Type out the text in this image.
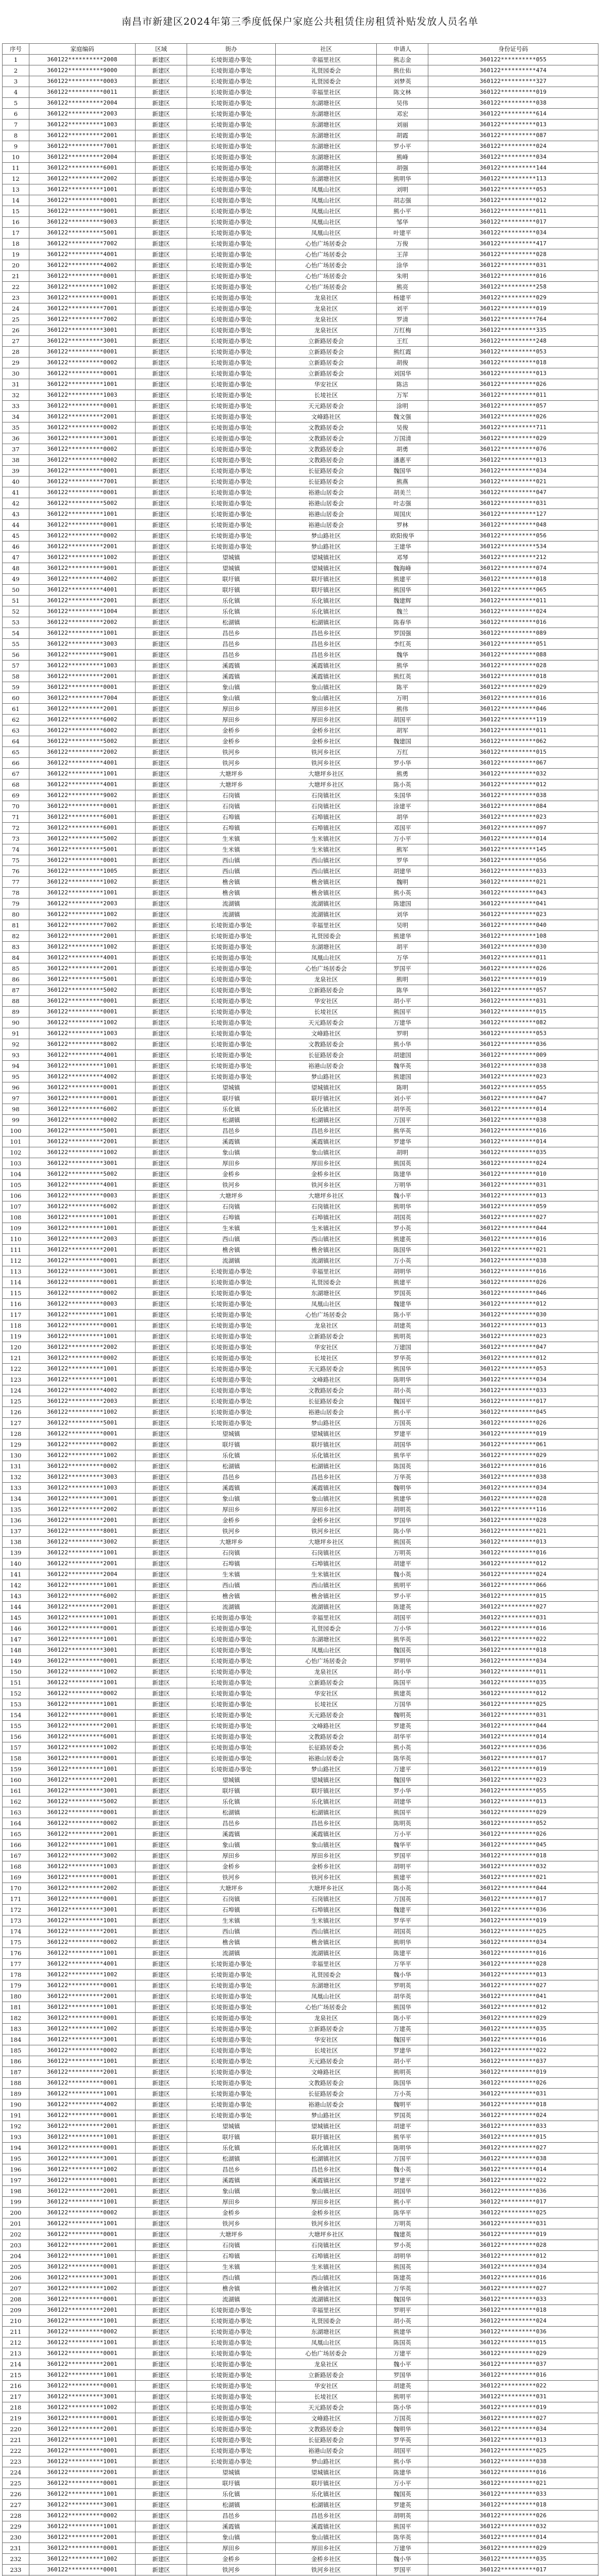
南昌市新建区2024年第三季度低保户家庭公共租赁住房租赁补贴发放人员名单
序号	家庭编码	区域	街办	社区	申请人	身份证号码
1	360122**********2008	新建区	长堎街道办事处	幸福里社区	熊志金	360122**********055
2	360122**********9000	新建区	长堎街道办事处	礼贤园委会	熊仕佑	360122**********474
3	360122**********0003	新建区	长堎街道办事处	礼贤园委会	刘梦英	360122**********327
4	360122**********0011	新建区	长堎街道办事处	幸福里社区	陈文林	360122**********019
5	360122**********2004	新建区	长堎街道办事处	东湖塘社区	吴伟	360122**********038
6	360122**********2003	新建区	长堎街道办事处	东湖塘社区	邓宏	360122**********614
7	360122**********1003	新建区	长堎街道办事处	东湖塘社区	刘丽	360122**********013
8	360122**********2001	新建区	长堎街道办事处	东湖塘社区	胡霞	360122**********087
9	360122**********7001	新建区	长堎街道办事处	东湖塘社区	罗小平	360122**********024
10	360122**********2004	新建区	长堎街道办事处	东湖塘社区	熊峰	360122**********034
11	360122**********6001	新建区	长堎街道办事处	东湖塘社区	胡强	360122**********144
12	360122**********2002	新建区	长堎街道办事处	东湖塘社区	熊明华	360122**********113
13	360122**********1001	新建区	长堎街道办事处	凤凰山社区	刘明	360122**********053
14	360122**********0001	新建区	长堎街道办事处	凤凰山社区	胡志强	360122**********012
15	360122**********9001	新建区	长堎街道办事处	凤凰山社区	熊小平	360122**********011
16	360122**********9003	新建区	长堎街道办事处	凤凰山社区	邹华	360122**********017
17	360122**********5001	新建区	长堎街道办事处	凤凰山社区	叶建平	360122**********034
18	360122**********7002	新建区	长堎街道办事处	心怡广场居委会	万俊	360122**********417
19	360122**********4001	新建区	长堎街道办事处	心怡广场居委会	王萍	360122**********028
20	360122**********4002	新建区	长堎街道办事处	心怡广场居委会	涂华	360122**********031
21	360122**********0001	新建区	长堎街道办事处	心怡广场居委会	朱明	360122**********016
22	360122**********1002	新建区	长堎街道办事处	心怡广场居委会	熊亮	360122**********258
23	360122**********0001	新建区	长堎街道办事处	龙泉社区	杨建平	360122**********029
24	360122**********7001	新建区	长堎街道办事处	龙泉社区	刘平	360122**********019
25	360122**********7002	新建区	长堎街道办事处	龙泉社区	罗清	360122**********764
26	360122**********3001	新建区	长堎街道办事处	龙泉社区	万红梅	360122**********335
27	360122**********3001	新建区	长堎街道办事处	立新路居委会	王红	360122**********248
28	360122**********0001	新建区	长堎街道办事处	立新路居委会	熊红霞	360122**********053
29	360122**********0002	新建区	长堎街道办事处	立新路居委会	胡俊	360122**********018
30	360122**********0001	新建区	长堎街道办事处	立新路居委会	刘国华	360122**********013
31	360122**********1001	新建区	长堎街道办事处	华安社区	陈洁	360122**********026
32	360122**********1003	新建区	长堎街道办事处	长堎社区	万军	360122**********011
33	360122**********0001	新建区	长堎街道办事处	天元路居委会	涂明	360122**********057
34	360122**********2001	新建区	长堎街道办事处	文峰路社区	魏文强	360122**********026
35	360122**********0002	新建区	长堎街道办事处	文教路居委会	吴俊	360122**********711
36	360122**********3001	新建区	长堎街道办事处	文教路居委会	万国清	360122**********029
37	360122**********0002	新建区	长堎街道办事处	文教路居委会	胡勇	360122**********076
38	360122**********0002	新建区	长堎街道办事处	文教路居委会	潘惠平	360122**********013
39	360122**********0001	新建区	长堎街道办事处	长征路居委会	魏国华	360122**********034
40	360122**********7001	新建区	长堎街道办事处	长征路居委会	熊燕	360122**********021
41	360122**********0001	新建区	长堎街道办事处	裕港山居委会	胡美兰	360122**********047
42	360122**********5002	新建区	长堎街道办事处	裕港山居委会	叶志强	360122**********031
43	360122**********1001	新建区	长堎街道办事处	裕港山居委会	周国庆	360122**********127
44	360122**********0001	新建区	长堎街道办事处	裕港山居委会	罗林	360122**********048
45	360122**********0002	新建区	长堎街道办事处	梦山路社区	欧阳俊华	360122**********056
46	360122**********2001	新建区	长堎街道办事处	梦山路社区	王建华	360122**********534
47	360122**********1002	新建区	望城镇	望城镇社区	邓琴	360122**********212
48	360122**********9001	新建区	望城镇	望城镇社区	魏海峰	360122**********074
49	360122**********4002	新建区	联圩镇	联圩镇社区	熊建平	360122**********018
50	360122**********4001	新建区	联圩镇	联圩镇社区	熊国华	360122**********065
51	360122**********2001	新建区	乐化镇	乐化镇社区	魏建辉	360122**********011
52	360122**********1004	新建区	乐化镇	乐化镇社区	魏兰	360122**********024
53	360122**********2002	新建区	松湖镇	松湖镇社区	陈春华	360122**********016
54	360122**********1001	新建区	昌邑乡	昌邑乡社区	罗国强	360122**********089
55	360122**********3003	新建区	昌邑乡	昌邑乡社区	李红英	360122**********051
56	360122**********9001	新建区	昌邑乡	昌邑乡社区	魏华	360122**********088
57	360122**********1003	新建区	溪霞镇	溪霞镇社区	熊华	360122**********028
58	360122**********2001	新建区	溪霞镇	溪霞镇社区	熊红英	360122**********018
59	360122**********0001	新建区	象山镇	象山镇社区	陈平	360122**********029
60	360122**********7004	新建区	象山镇	象山镇社区	万明	360122**********016
61	360122**********2001	新建区	厚田乡	厚田乡社区	熊伟	360122**********046
62	360122**********6002	新建区	厚田乡	厚田乡社区	胡国平	360122**********119
63	360122**********6002	新建区	金桥乡	金桥乡社区	胡军	360122**********011
64	360122**********5002	新建区	金桥乡	金桥乡社区	魏建国	360122**********062
65	360122**********2002	新建区	铁河乡	铁河乡社区	万红	360122**********015
66	360122**********4001	新建区	铁河乡	铁河乡社区	罗小华	360122**********067
67	360122**********1001	新建区	大塘坪乡	大塘坪乡社区	熊勇	360122**********032
68	360122**********4001	新建区	大塘坪乡	大塘坪乡社区	陈小英	360122**********012
69	360122**********9002	新建区	石岗镇	石岗镇社区	朱国华	360122**********038
70	360122**********0001	新建区	石岗镇	石岗镇社区	涂建平	360122**********084
71	360122**********6001	新建区	石埠镇	石埠镇社区	胡华	360122**********023
72	360122**********6001	新建区	石埠镇	石埠镇社区	邓国平	360122**********097
73	360122**********5002	新建区	生米镇	生米镇社区	万小平	360122**********014
74	360122**********5001	新建区	生米镇	生米镇社区	熊军	360122**********145
75	360122**********0001	新建区	西山镇	西山镇社区	罗华	360122**********056
76	360122**********1005	新建区	西山镇	西山镇社区	胡建华	360122**********033
77	360122**********1002	新建区	樵舍镇	樵舍镇社区	魏明	360122**********021
78	360122**********1001	新建区	樵舍镇	樵舍镇社区	熊小英	360122**********043
79	360122**********2003	新建区	流湖镇	流湖镇社区	陈建国	360122**********041
80	360122**********1002	新建区	流湖镇	流湖镇社区	刘华	360122**********023
81	360122**********7002	新建区	长堎街道办事处	幸福里社区	吴明	360122**********040
82	360122**********2001	新建区	长堎街道办事处	礼贤园委会	熊建华	360122**********108
83	360122**********1002	新建区	长堎街道办事处	东湖塘社区	胡平	360122**********030
84	360122**********4001	新建区	长堎街道办事处	凤凰山社区	万华	360122**********011
85	360122**********2001	新建区	长堎街道办事处	心怡广场居委会	罗国平	360122**********026
86	360122**********5001	新建区	长堎街道办事处	龙泉社区	熊明	360122**********019
87	360122**********5002	新建区	长堎街道办事处	立新路居委会	陈华	360122**********057
88	360122**********0001	新建区	长堎街道办事处	华安社区	胡小平	360122**********031
89	360122**********0001	新建区	长堎街道办事处	长堎社区	熊国平	360122**********015
90	360122**********1002	新建区	长堎街道办事处	天元路居委会	万建华	360122**********082
91	360122**********1003	新建区	长堎街道办事处	文峰路社区	罗明	360122**********053
92	360122**********8002	新建区	长堎街道办事处	文教路居委会	熊小华	360122**********036
93	360122**********4001	新建区	长堎街道办事处	长征路居委会	胡建国	360122**********009
94	360122**********1001	新建区	长堎街道办事处	裕港山居委会	魏华英	360122**********038
95	360122**********4002	新建区	长堎街道办事处	梦山路社区	熊建国	360122**********023
96	360122**********0001	新建区	望城镇	望城镇社区	陈明	360122**********055
97	360122**********0001	新建区	联圩镇	联圩镇社区	刘小平	360122**********047
98	360122**********6002	新建区	乐化镇	乐化镇社区	胡华英	360122**********014
99	360122**********0002	新建区	松湖镇	松湖镇社区	万国平	360122**********038
100	360122**********5001	新建区	昌邑乡	昌邑乡社区	熊华英	360122**********016
101	360122**********2001	新建区	溪霞镇	溪霞镇社区	罗建华	360122**********014
102	360122**********1002	新建区	象山镇	象山镇社区	胡明	360122**********035
103	360122**********3001	新建区	厚田乡	厚田乡社区	熊国英	360122**********024
104	360122**********5002	新建区	金桥乡	金桥乡社区	陈建华	360122**********010
105	360122**********4001	新建区	铁河乡	铁河乡社区	万明华	360122**********031
106	360122**********0003	新建区	大塘坪乡	大塘坪乡社区	魏小平	360122**********013
107	360122**********6002	新建区	石岗镇	石岗镇社区	熊明华	360122**********059
108	360122**********1001	新建区	石埠镇	石埠镇社区	胡国英	360122**********027
109	360122**********1001	新建区	生米镇	生米镇社区	罗小英	360122**********044
110	360122**********2003	新建区	西山镇	西山镇社区	熊建英	360122**********016
111	360122**********2001	新建区	樵舍镇	樵舍镇社区	陈国华	360122**********021
112	360122**********0001	新建区	流湖镇	流湖镇社区	万小英	360122**********038
113	360122**********3001	新建区	长堎街道办事处	幸福里社区	胡明华	360122**********016
114	360122**********0001	新建区	长堎街道办事处	礼贤园委会	熊建平	360122**********026
115	360122**********0002	新建区	长堎街道办事处	东湖塘社区	罗国英	360122**********046
116	360122**********0003	新建区	长堎街道办事处	凤凰山社区	魏建华	360122**********012
117	360122**********1001	新建区	长堎街道办事处	心怡广场居委会	陈小平	360122**********030
118	360122**********0001	新建区	长堎街道办事处	龙泉社区	胡建英	360122**********013
119	360122**********1001	新建区	长堎街道办事处	立新路居委会	熊明英	360122**********023
120	360122**********2002	新建区	长堎街道办事处	华安社区	万建国	360122**********047
121	360122**********0002	新建区	长堎街道办事处	长堎社区	罗华英	360122**********012
122	360122**********1001	新建区	长堎街道办事处	天元路居委会	熊国华	360122**********053
123	360122**********1001	新建区	长堎街道办事处	文峰路社区	陈明华	360122**********034
124	360122**********4002	新建区	长堎街道办事处	文教路居委会	胡小英	360122**********033
125	360122**********2003	新建区	长堎街道办事处	长征路居委会	魏国平	360122**********017
126	360122**********1002	新建区	长堎街道办事处	裕港山居委会	熊小平	360122**********045
127	360122**********5001	新建区	长堎街道办事处	梦山路社区	万国英	360122**********026
128	360122**********0001	新建区	望城镇	望城镇社区	罗建平	360122**********019
129	360122**********0002	新建区	联圩镇	联圩镇社区	胡国华	360122**********061
130	360122**********1002	新建区	乐化镇	乐化镇社区	熊华平	360122**********029
131	360122**********0002	新建区	松湖镇	松湖镇社区	陈国英	360122**********016
132	360122**********3003	新建区	昌邑乡	昌邑乡社区	万华英	360122**********038
133	360122**********1003	新建区	溪霞镇	溪霞镇社区	魏明华	360122**********034
134	360122**********3001	新建区	象山镇	象山镇社区	熊建华	360122**********028
135	360122**********2002	新建区	厚田乡	厚田乡社区	胡明英	360122**********116
136	360122**********2001	新建区	金桥乡	金桥乡社区	罗国华	360122**********028
137	360122**********8001	新建区	铁河乡	铁河乡社区	陈小华	360122**********021
138	360122**********3002	新建区	大塘坪乡	大塘坪乡社区	熊国英	360122**********013
139	360122**********1001	新建区	石岗镇	石岗镇社区	万明英	360122**********016
140	360122**********2001	新建区	石埠镇	石埠镇社区	胡建平	360122**********012
141	360122**********2004	新建区	生米镇	生米镇社区	魏小英	360122**********024
142	360122**********1001	新建区	西山镇	西山镇社区	熊明平	360122**********066
143	360122**********6002	新建区	樵舍镇	樵舍镇社区	罗小平	360122**********015
144	360122**********2001	新建区	流湖镇	流湖镇社区	陈建英	360122**********027
145	360122**********1001	新建区	长堎街道办事处	幸福里社区	胡国平	360122**********031
146	360122**********0001	新建区	长堎街道办事处	礼贤园委会	万小华	360122**********016
147	360122**********1001	新建区	长堎街道办事处	东湖塘社区	熊华英	360122**********022
148	360122**********3001	新建区	长堎街道办事处	凤凰山社区	魏国英	360122**********018
149	360122**********0001	新建区	长堎街道办事处	心怡广场居委会	罗明华	360122**********034
150	360122**********1002	新建区	长堎街道办事处	龙泉社区	胡小华	360122**********011
151	360122**********1001	新建区	长堎街道办事处	立新路居委会	陈国平	360122**********035
152	360122**********0002	新建区	长堎街道办事处	华安社区	熊建英	360122**********012
153	360122**********1001	新建区	长堎街道办事处	长堎社区	万国华	360122**********025
154	360122**********0001	新建区	长堎街道办事处	天元路居委会	魏明英	360122**********031
155	360122**********2001	新建区	长堎街道办事处	文峰路社区	罗建英	360122**********044
156	360122**********6001	新建区	长堎街道办事处	文教路居委会	胡华平	360122**********014
157	360122**********1002	新建区	长堎街道办事处	长征路居委会	熊小英	360122**********036
158	360122**********0001	新建区	长堎街道办事处	裕港山居委会	陈华英	360122**********017
159	360122**********1001	新建区	长堎街道办事处	梦山路社区	万建平	360122**********019
160	360122**********2001	新建区	望城镇	望城镇社区	魏国华	360122**********023
161	360122**********3001	新建区	联圩镇	联圩镇社区	罗小华	360122**********055
162	360122**********5002	新建区	乐化镇	乐化镇社区	胡建华	360122**********013
163	360122**********0001	新建区	松湖镇	松湖镇社区	熊国平	360122**********029
164	360122**********0002	新建区	昌邑乡	昌邑乡社区	陈明英	360122**********052
165	360122**********2001	新建区	溪霞镇	溪霞镇社区	万小平	360122**********026
166	360122**********1001	新建区	象山镇	象山镇社区	魏华平	360122**********045
167	360122**********3002	新建区	厚田乡	厚田乡社区	罗国平	360122**********018
168	360122**********1003	新建区	金桥乡	金桥乡社区	胡明平	360122**********032
169	360122**********0001	新建区	铁河乡	铁河乡社区	熊建平	360122**********021
170	360122**********2002	新建区	大塘坪乡	大塘坪乡社区	陈小英	360122**********044
171	360122**********0001	新建区	石岗镇	石岗镇社区	万国英	360122**********017
172	360122**********3001	新建区	石埠镇	石埠镇社区	魏建平	360122**********036
173	360122**********1001	新建区	生米镇	生米镇社区	罗华平	360122**********019
174	360122**********2001	新建区	西山镇	西山镇社区	胡国英	360122**********025
175	360122**********0002	新建区	樵舍镇	樵舍镇社区	熊明华	360122**********034
176	360122**********1001	新建区	流湖镇	流湖镇社区	陈建平	360122**********016
177	360122**********4001	新建区	长堎街道办事处	幸福里社区	万华平	360122**********028
178	360122**********1002	新建区	长堎街道办事处	礼贤园委会	魏小华	360122**********013
179	360122**********0001	新建区	长堎街道办事处	东湖塘社区	罗明英	360122**********027
180	360122**********2001	新建区	长堎街道办事处	凤凰山社区	胡华英	360122**********041
181	360122**********1001	新建区	长堎街道办事处	心怡广场居委会	熊国华	360122**********012
182	360122**********0001	新建区	长堎街道办事处	龙泉社区	陈小平	360122**********029
183	360122**********1002	新建区	长堎街道办事处	立新路居委会	万建英	360122**********035
184	360122**********3001	新建区	长堎街道办事处	华安社区	魏国平	360122**********016
185	360122**********0002	新建区	长堎街道办事处	长堎社区	罗建华	360122**********022
186	360122**********1001	新建区	长堎街道办事处	天元路居委会	胡小平	360122**********037
187	360122**********2001	新建区	长堎街道办事处	文峰路社区	熊明英	360122**********019
188	360122**********0001	新建区	长堎街道办事处	文教路居委会	陈国华	360122**********026
189	360122**********1001	新建区	长堎街道办事处	长征路居委会	万小英	360122**********031
190	360122**********4002	新建区	长堎街道办事处	裕港山居委会	魏明平	360122**********018
191	360122**********0001	新建区	长堎街道办事处	梦山路社区	罗国英	360122**********024
192	360122**********2001	新建区	望城镇	望城镇社区	胡建平	360122**********033
193	360122**********1001	新建区	联圩镇	联圩镇社区	熊华平	360122**********015
194	360122**********0001	新建区	乐化镇	乐化镇社区	陈明华	360122**********027
195	360122**********3001	新建区	松湖镇	松湖镇社区	万国平	360122**********038
196	360122**********1002	新建区	昌邑乡	昌邑乡社区	魏小英	360122**********014
197	360122**********0001	新建区	溪霞镇	溪霞镇社区	罗建平	360122**********022
198	360122**********2001	新建区	象山镇	象山镇社区	胡国华	360122**********036
199	360122**********1001	新建区	厚田乡	厚田乡社区	熊小平	360122**********017
200	360122**********0002	新建区	金桥乡	金桥乡社区	陈华平	360122**********025
201	360122**********1001	新建区	铁河乡	铁河乡社区	万明英	360122**********031
202	360122**********0001	新建区	大塘坪乡	大塘坪乡社区	魏建英	360122**********019
203	360122**********2001	新建区	石岗镇	石岗镇社区	罗小英	360122**********028
204	360122**********1001	新建区	石埠镇	石埠镇社区	胡明华	360122**********012
205	360122**********0001	新建区	生米镇	生米镇社区	熊国英	360122**********034
206	360122**********3001	新建区	西山镇	西山镇社区	陈建英	360122**********016
207	360122**********1002	新建区	樵舍镇	樵舍镇社区	万华英	360122**********027
208	360122**********0001	新建区	流湖镇	流湖镇社区	魏国华	360122**********033
209	360122**********2001	新建区	长堎街道办事处	幸福里社区	罗明平	360122**********018
210	360122**********1001	新建区	长堎街道办事处	礼贤园委会	胡小英	360122**********024
211	360122**********0002	新建区	长堎街道办事处	东湖塘社区	熊建华	360122**********036
212	360122**********1001	新建区	长堎街道办事处	凤凰山社区	陈国英	360122**********015
213	360122**********0001	新建区	长堎街道办事处	心怡广场居委会	万建平	360122**********029
214	360122**********2001	新建区	长堎街道办事处	龙泉社区	魏小平	360122**********037
215	360122**********1001	新建区	长堎街道办事处	立新路居委会	罗国华	360122**********016
216	360122**********0001	新建区	长堎街道办事处	华安社区	胡建英	360122**********022
217	360122**********3001	新建区	长堎街道办事处	长堎社区	熊明平	360122**********031
218	360122**********1002	新建区	长堎街道办事处	天元路居委会	陈小华	360122**********019
219	360122**********0001	新建区	长堎街道办事处	文峰路社区	万国英	360122**********027
220	360122**********2001	新建区	长堎街道办事处	文教路居委会	魏明华	360122**********034
221	360122**********1001	新建区	长堎街道办事处	长征路居委会	罗华英	360122**********013
222	360122**********0001	新建区	长堎街道办事处	裕港山居委会	胡国平	360122**********025
223	360122**********1001	新建区	长堎街道办事处	梦山路社区	熊小华	360122**********038
224	360122**********2001	新建区	望城镇	望城镇社区	陈建华	360122**********016
225	360122**********0001	新建区	联圩镇	联圩镇社区	万小平	360122**********021
226	360122**********1001	新建区	乐化镇	乐化镇社区	魏国英	360122**********033
227	360122**********3001	新建区	松湖镇	松湖镇社区	罗建英	360122**********018
228	360122**********0002	新建区	昌邑乡	昌邑乡社区	胡明英	360122**********026
229	360122**********1001	新建区	溪霞镇	溪霞镇社区	熊国平	360122**********032
230	360122**********2001	新建区	象山镇	象山镇社区	陈华英	360122**********014
231	360122**********0001	新建区	厚田乡	厚田乡社区	万建华	360122**********029
232	360122**********1002	新建区	金桥乡	金桥乡社区	魏小华	360122**********035
233	360122**********0001	新建区	铁河乡	铁河乡社区	罗国平	360122**********017
